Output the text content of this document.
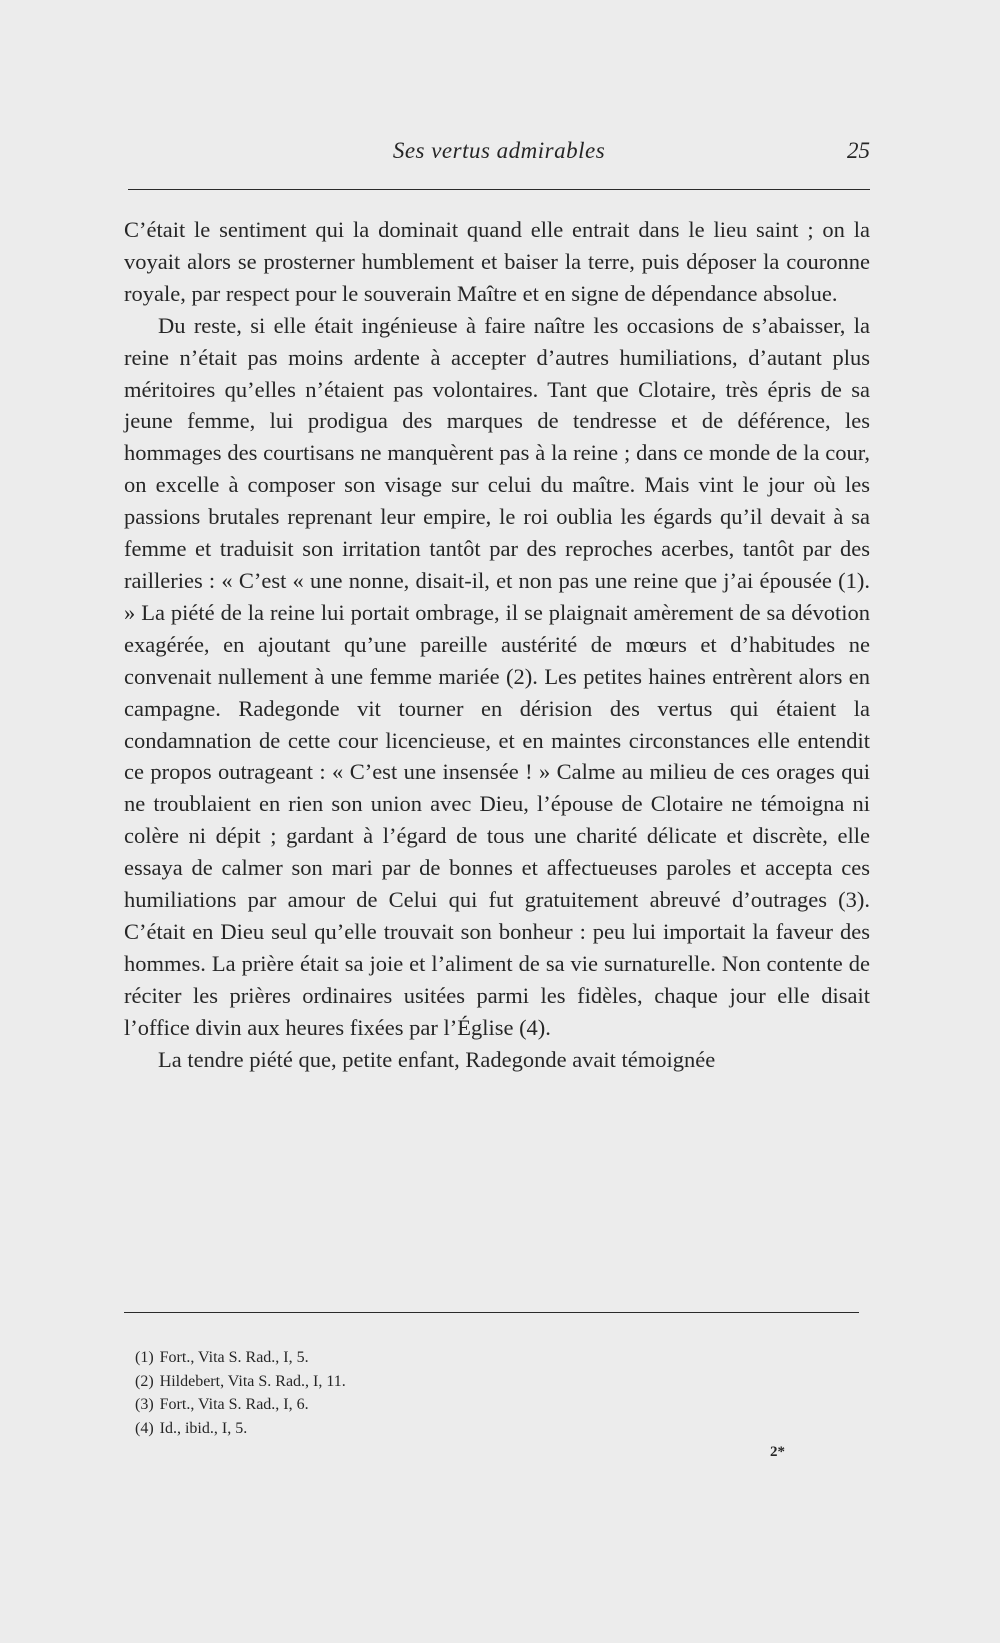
Ses vertus admirables	25

C’était le sentiment qui la dominait quand elle entrait dans le lieu saint ; on la voyait alors se prosterner humblement et baiser la terre, puis déposer la couronne royale, par respect pour le souverain Maître et en signe de dépendance absolue.

Du reste, si elle était ingénieuse à faire naître les occasions de s’abaisser, la reine n’était pas moins ardente à accepter d’autres humiliations, d’autant plus méritoires qu’elles n’étaient pas volontaires. Tant que Clotaire, très épris de sa jeune femme, lui prodigua des marques de tendresse et de déférence, les hommages des courtisans ne manquèrent pas à la reine ; dans ce monde de la cour, on excelle à composer son visage sur celui du maître. Mais vint le jour où les passions brutales reprenant leur empire, le roi oublia les égards qu’il devait à sa femme et traduisit son irritation tantôt par des reproches acerbes, tantôt par des railleries : « C’est « une nonne, disait-il, et non pas une reine que j’ai épousée (1). » La piété de la reine lui portait ombrage, il se plaignait amèrement de sa dévotion exagérée, en ajoutant qu’une pareille austérité de mœurs et d’habitudes ne convenait nullement à une femme mariée (2). Les petites haines entrèrent alors en campagne. Radegonde vit tourner en dérision des vertus qui étaient la condamnation de cette cour licencieuse, et en maintes circonstances elle entendit ce propos outrageant : « C’est une insensée ! » Calme au milieu de ces orages qui ne troublaient en rien son union avec Dieu, l’épouse de Clotaire ne témoigna ni colère ni dépit ; gardant à l’égard de tous une charité délicate et discrète, elle essaya de calmer son mari par de bonnes et affectueuses paroles et accepta ces humiliations par amour de Celui qui fut gratuitement abreuvé d’outrages (3). C’était en Dieu seul qu’elle trouvait son bonheur : peu lui importait la faveur des hommes. La prière était sa joie et l’aliment de sa vie surnaturelle. Non contente de réciter les prières ordinaires usitées parmi les fidèles, chaque jour elle disait l’office divin aux heures fixées par l’Église (4).

La tendre piété que, petite enfant, Radegonde avait témoignée

(1) Fort., Vita S. Rad., I, 5.
(2) Hildebert, Vita S. Rad., I, 11.
(3) Fort., Vita S. Rad., I, 6.
(4) Id., ibid., I, 5.
2*
